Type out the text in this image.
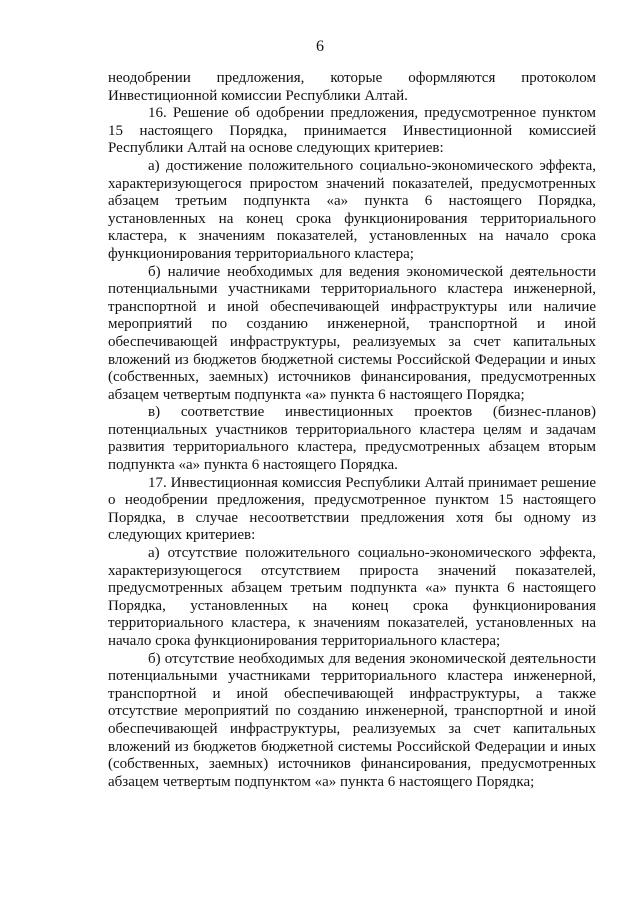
6

неодобрении предложения, которые оформляются протоколом Инвестиционной комиссии Республики Алтай.

16. Решение об одобрении предложения, предусмотренное пунктом 15 настоящего Порядка, принимается Инвестиционной комиссией Республики Алтай на основе следующих критериев:

а) достижение положительного социально-экономического эффекта, характеризующегося приростом значений показателей, предусмотренных абзацем третьим подпункта «а» пункта 6 настоящего Порядка, установленных на конец срока функционирования территориального кластера, к значениям показателей, установленных на начало срока функционирования территориального кластера;

б) наличие необходимых для ведения экономической деятельности потенциальными участниками территориального кластера инженерной, транспортной и иной обеспечивающей инфраструктуры или наличие мероприятий по созданию инженерной, транспортной и иной обеспечивающей инфраструктуры, реализуемых за счет капитальных вложений из бюджетов бюджетной системы Российской Федерации и иных (собственных, заемных) источников финансирования, предусмотренных абзацем четвертым подпункта «а» пункта 6 настоящего Порядка;

в) соответствие инвестиционных проектов (бизнес-планов) потенциальных участников территориального кластера целям и задачам развития территориального кластера, предусмотренных абзацем вторым подпункта «а» пункта 6 настоящего Порядка.

17. Инвестиционная комиссия Республики Алтай принимает решение о неодобрении предложения, предусмотренное пунктом 15 настоящего Порядка, в случае несоответствии предложения хотя бы одному из следующих критериев:

а) отсутствие положительного социально-экономического эффекта, характеризующегося отсутствием прироста значений показателей, предусмотренных абзацем третьим подпункта «а» пункта 6 настоящего Порядка, установленных на конец срока функционирования территориального кластера, к значениям показателей, установленных на начало срока функционирования территориального кластера;

б) отсутствие необходимых для ведения экономической деятельности потенциальными участниками территориального кластера инженерной, транспортной и иной обеспечивающей инфраструктуры, а также отсутствие мероприятий по созданию инженерной, транспортной и иной обеспечивающей инфраструктуры, реализуемых за счет капитальных вложений из бюджетов бюджетной системы Российской Федерации и иных (собственных, заемных) источников финансирования, предусмотренных абзацем четвертым подпунктом «а» пункта 6 настоящего Порядка;
